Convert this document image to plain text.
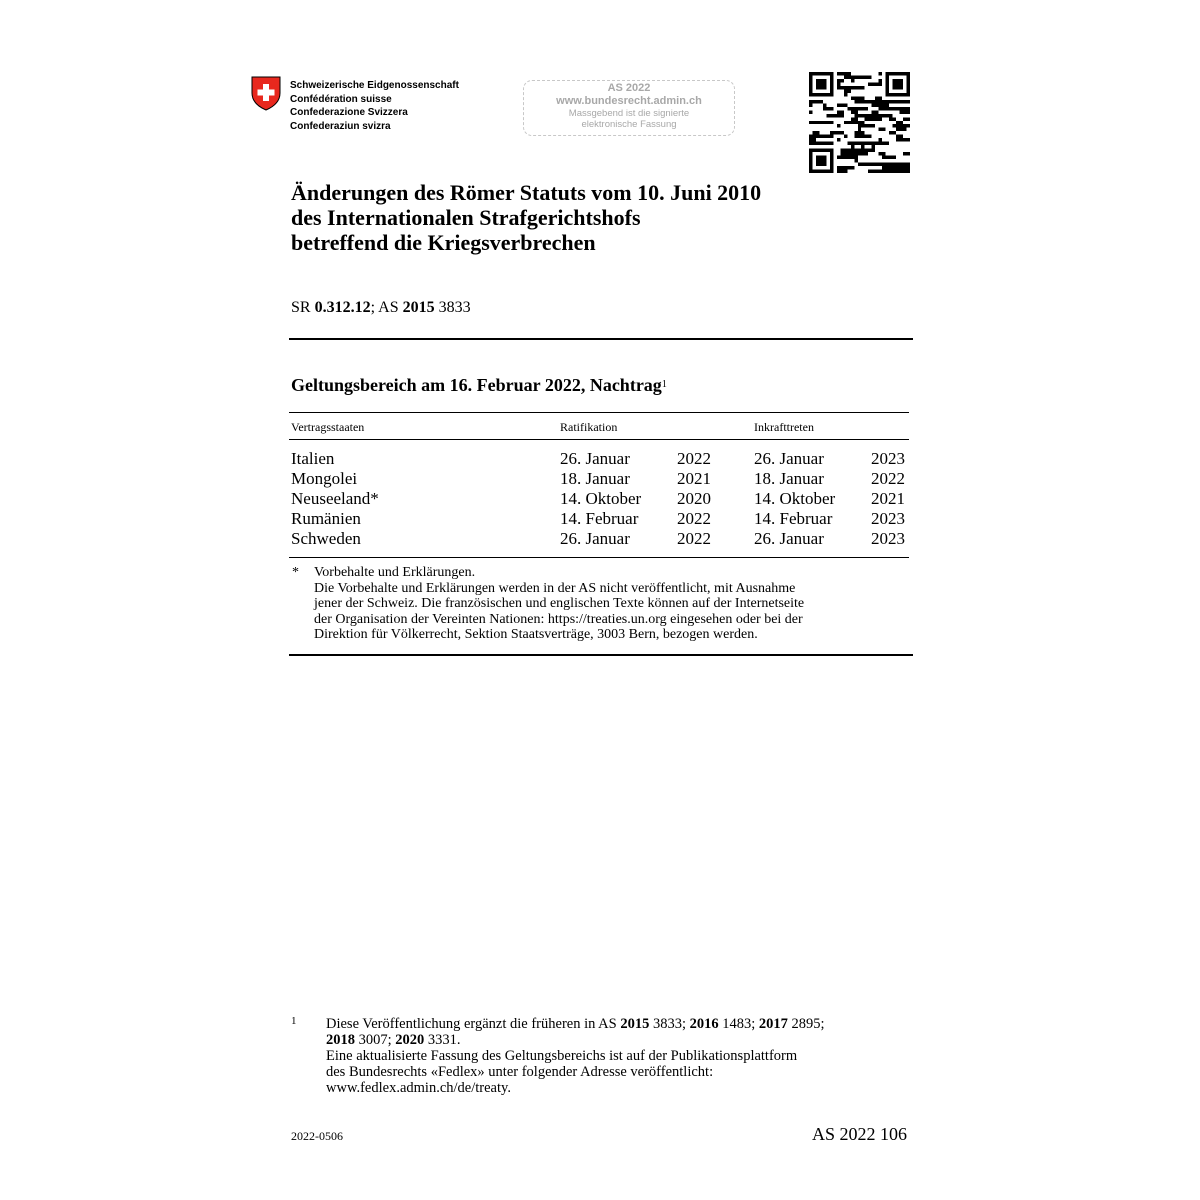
Schweizerische Eidgenossenschaft
Confédération suisse
Confederazione Svizzera
Confederaziun svizra
AS 2022
www.bundesrecht.admin.ch
Massgebend ist die signierte
elektronische Fassung
Änderungen des Römer Statuts vom 10. Juni 2010
des Internationalen Strafgerichtshofs
betreffend die Kriegsverbrechen
SR 0.312.12; AS 2015 3833
Geltungsbereich am 16. Februar 2022, Nachtrag$^1$
Vertragsstaaten	Ratifikation	Inkrafttreten
Italien	26. Januar	2022	26. Januar	2023
Mongolei	18. Januar	2021	18. Januar	2022
Neuseeland*	14. Oktober	2020	14. Oktober	2021
Rumänien	14. Februar	2022	14. Februar	2023
Schweden	26. Januar	2022	26. Januar	2023
* Vorbehalte und Erklärungen.
Die Vorbehalte und Erklärungen werden in der AS nicht veröffentlicht, mit Ausnahme
jener der Schweiz. Die französischen und englischen Texte können auf der Internetseite
der Organisation der Vereinten Nationen: https://treaties.un.org eingesehen oder bei der
Direktion für Völkerrecht, Sektion Staatsverträge, 3003 Bern, bezogen werden.
1 Diese Veröffentlichung ergänzt die früheren in AS 2015 3833; 2016 1483; 2017 2895;
2018 3007; 2020 3331.
Eine aktualisierte Fassung des Geltungsbereichs ist auf der Publikationsplattform
des Bundesrechts «Fedlex» unter folgender Adresse veröffentlicht:
www.fedlex.admin.ch/de/treaty.
2022-0506	AS 2022 106
